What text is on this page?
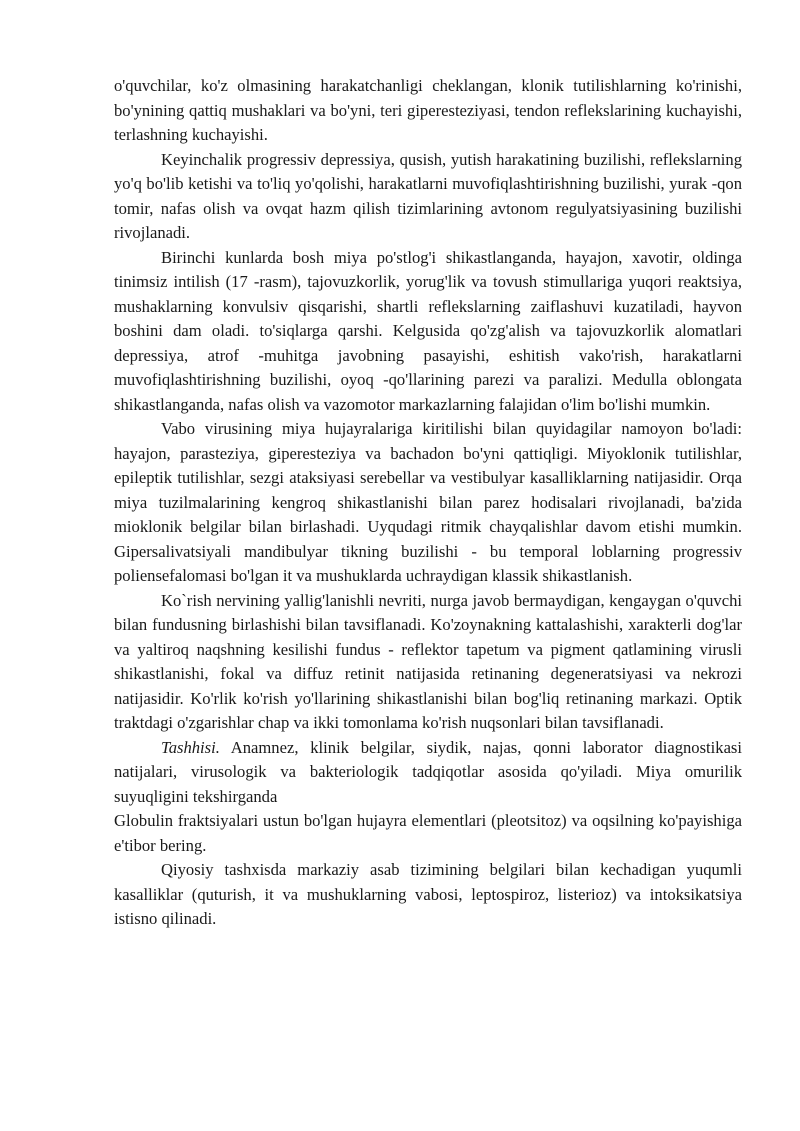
o'quvchilar, ko'z olmasining harakatchanligi cheklangan, klonik tutilishlarning ko'rinishi, bo'ynining qattiq mushaklari va bo'yni, teri giperesteziyasi, tendon reflekslarining kuchayishi, terlashning kuchayishi.

Keyinchalik progressiv depressiya, qusish, yutish harakatining buzilishi, reflekslarning yo'q bo'lib ketishi va to'liq yo'qolishi, harakatlarni muvofiqlashtirishning buzilishi, yurak -qon tomir, nafas olish va ovqat hazm qilish tizimlarining avtonom regulyatsiyasining buzilishi rivojlanadi.

Birinchi kunlarda bosh miya po'stlog'i shikastlanganda, hayajon, xavotir, oldinga tinimsiz intilish (17 -rasm), tajovuzkorlik, yorug'lik va tovush stimullariga yuqori reaktsiya, mushaklarning konvulsiv qisqarishi, shartli reflekslarning zaiflashuvi kuzatiladi, hayvon boshini dam oladi. to'siqlarga qarshi. Kelgusida qo'zg'alish va tajovuzkorlik alomatlari depressiya, atrof -muhitga javobning pasayishi, eshitish vako'rish, harakatlarni muvofiqlashtirishning buzilishi, oyoq -qo'llarining parezi va paralizi. Medulla oblongata shikastlanganda, nafas olish va vazomotor markazlarning falajidan o'lim bo'lishi mumkin.

Vabo virusining miya hujayralariga kiritilishi bilan quyidagilar namoyon bo'ladi: hayajon, parasteziya, giperesteziya va bachadon bo'yni qattiqligi. Miyoklonik tutilishlar, epileptik tutilishlar, sezgi ataksiyasi serebellar va vestibulyar kasalliklarning natijasidir. Orqa miya tuzilmalarining kengroq shikastlanishi bilan parez hodisalari rivojlanadi, ba'zida mioklonik belgilar bilan birlashadi. Uyqudagi ritmik chayqalishlar davom etishi mumkin. Gipersalivatsiyali mandibulyar tikning buzilishi - bu temporal loblarning progressiv poliensefalomasi bo'lgan it va mushuklarda uchraydigan klassik shikastlanish.

Ko`rish nervining yallig'lanishli nevriti, nurga javob bermaydigan, kengaygan o'quvchi bilan fundusning birlashishi bilan tavsiflanadi. Ko'zoynakning kattalashishi, xarakterli dog'lar va yaltiroq naqshning kesilishi fundus - reflektor tapetum va pigment qatlamining virusli shikastlanishi, fokal va diffuz retinit natijasida retinaning degeneratsiyasi va nekrozi natijasidir. Ko'rlik ko'rish yo'llarining shikastlanishi bilan bog'liq retinaning markazi. Optik traktdagi o'zgarishlar chap va ikki tomonlama ko'rish nuqsonlari bilan tavsiflanadi.

Tashhisi. Anamnez, klinik belgilar, siydik, najas, qonni laborator diagnostikasi natijalari, virusologik va bakteriologik tadqiqotlar asosida qo'yiladi. Miya omurilik suyuqligini tekshirganda

Globulin fraktsiyalari ustun bo'lgan hujayra elementlari (pleotsitoz) va oqsilning ko'payishiga e'tibor bering.

Qiyosiy tashxisda markaziy asab tizimining belgilari bilan kechadigan yuqumli kasalliklar (quturish, it va mushuklarning vabosi, leptospiroz, listerioz) va intoksikatsiya istisno qilinadi.
